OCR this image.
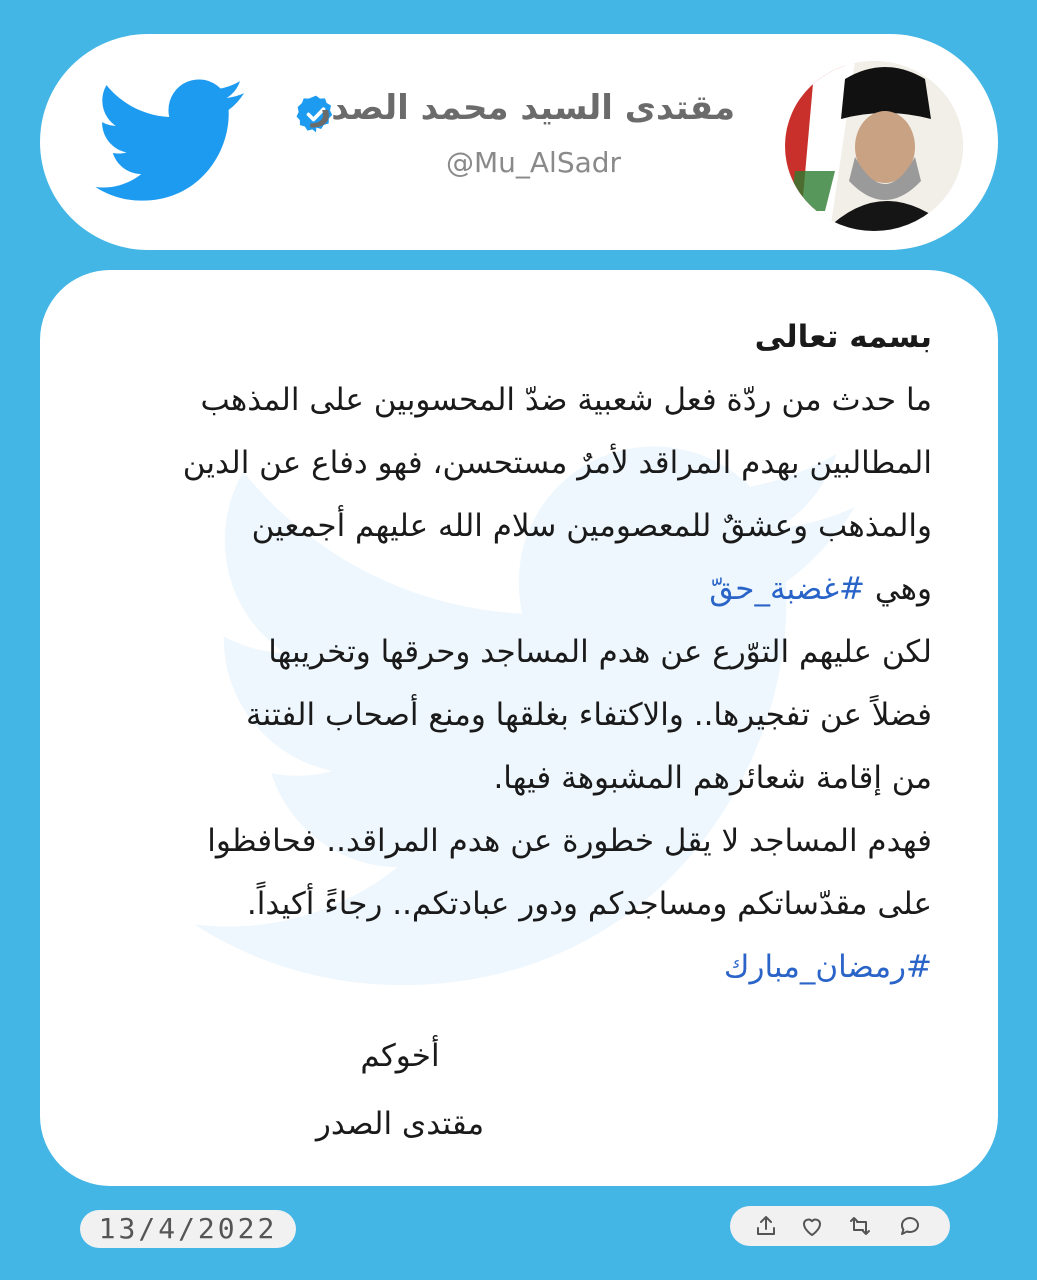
مقتدى السيد محمد الصدر
@Mu_AlSadr
بسمه تعالى
ما حدث من ردّة فعل شعبية ضدّ المحسوبين على المذهب
المطالبين بهدم المراقد لأمرٌ مستحسن، فهو دفاع عن الدين
والمذهب وعشقٌ للمعصومين سلام الله عليهم أجمعين
وهي #غضبة_حقّ
لكن عليهم التوّرع عن هدم المساجد وحرقها وتخريبها
فضلاً عن تفجيرها.. والاكتفاء بغلقها ومنع أصحاب الفتنة
من إقامة شعائرهم المشبوهة فيها.
فهدم المساجد لا يقل خطورة عن هدم المراقد.. فحافظوا
على مقدّساتكم ومساجدكم ودور عبادتكم.. رجاءً أكيداً.
#رمضان_مبارك
أخوكم
مقتدى الصدر
13/4/2022
